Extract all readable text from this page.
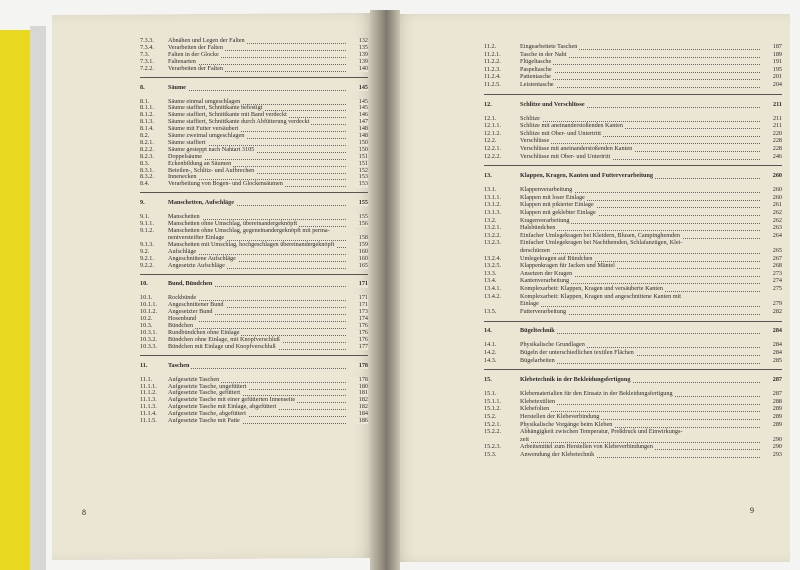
7.3.3. Abnähen und Legen der Falten	132
7.3.4. Verarbeiten der Falten	135
7.3.	Falten in der Glocke	139
7.3.1. Faltenarten	139
7.2.2. Verarbeiten der Falten	140
8.	Säume	145
8.1.	Säume einmal umgeschlagen	145
8.1.1. Säume staffiert, Schnittkante befestigt	145
8.1.2. Säume staffiert, Schnittkante mit Band verdeckt	146
8.1.3. Säume staffiert, Schnittkante durch Abfütterung verdeckt	147
8.1.4. Säume mit Futter versäubert	148
8.2.	Säume zweimal umgeschlagen	148
8.2.1. Säume staffiert	150
8.2.2. Säume gesteppt nach Nahtart 3105	150
8.2.3. Doppelsäume	151
8.3.	Eckenbildung an Säumen	151
8.3.1. Beteilen-, Schlitz- und Aufbrechen	152
8.3.2. Innenecken	153
8.4.	Verarbeitung von Bogen- und Glockensäumen	153
9.	Manschetten, Aufschläge	155
9.1.	Manschetten	155
9.1.1. Manschetten ohne Umschlag, übereinandergeknöpft	156
9.1.2. Manschetten ohne Umschlag, gegeneinandergeknöpft mit perma-
nentversteifter Einlage	158
9.1.3. Manschetten mit Umschlag, hochgeschlagen übereinandergeknöpft	159
9.2.	Aufschläge	160
9.2.1. Angeschnittene Aufschläge	160
9.2.2. Angesetzte Aufschläge	165
10.	Bund, Bündchen	171
10.1.	Rockbünde	171
10.1.1. Angeschnittener Bund	171
10.1.2. Angesetzter Bund	173
10.2.	Hosenbund	174
10.3.	Bündchen	176
10.3.1. Rundbündchen ohne Einlage	176
10.3.2. Bündchen ohne Einlage, mit Knopfverschluß	176
10.3.3. Bündchen mit Einlage und Knopfverschluß	177
11.	Taschen	178
11.1.	Aufgesetzte Taschen	178
11.1.1. Aufgesetzte Tasche, ungefüttert	180
11.1.2. Aufgesetzte Tasche, gefüttert	181
11.1.3. Aufgesetzte Tasche mit einer gefütterten Innenseite	182
11.1.3. Aufgesetzte Tasche mit Einlage, abgefüttert	182
11.1.4. Aufgesetzte Tasche, abgefüttert	184
11.1.5. Aufgesetzte Tasche mit Patte	186
11.2.	Eingearbeitete Taschen	187
11.2.1.	Tasche in der Naht	189
11.2.2.	Flügeltasche	191
11.2.3.	Paspeltasche	195
11.2.4.	Pattentasche	201
11.2.5.	Leistentasche	204
12.	Schlitze und Verschlüsse	211
12.1.	Schlitze	211
12.1.1.	Schlitze mit aneinanderstoßenden Kanten	211
12.1.2.	Schlitze mit Ober- und Untertritt	220
12.2.	Verschlüsse	228
12.2.1.	Verschlüsse mit aneinanderstoßenden Kanten	228
12.2.2.	Verschlüsse mit Ober- und Untertritt	246
13.	Klappen, Kragen, Kanten und Futterverarbeitung	260
13.1.	Klappenverarbeitung	260
13.1.1.	Klappen mit loser Einlage	260
13.1.2.	Klappen mit pikierter Einlage	261
13.1.3.	Klappen mit geklebter Einlage	262
13.2.	Kragenverarbeitung	262
13.2.1.	Halsbündchen	263
13.2.2.	Einfacher Umlegekragen bei Kleidern, Blusen, Campinghemden	264
13.2.3.	Einfacher Umlegekragen bei Nachthemden, Schlafanzügen, Klei-
derschürzen	265
13.2.4.	Umlegekragen auf Bündchen	267
13.2.5.	Klappenkragen für Jacken und Mäntel	268
13.3.	Ansetzen der Kragen	273
13.4.	Kantenverarbeitung	274
13.4.1.	Komplexarbeit: Klappen, Kragen und versäuberte Kanten	275
13.4.2.	Komplexarbeit: Klappen, Kragen und angeschnittene Kanten mit
Einlage	279
13.5.	Futterverarbeitung	282
14.	Bügeltechnik	284
14.1.	Physikalische Grundlagen	284
14.2.	Bügeln der unterschiedlichen textilen Flächen	284
14.3.	Bügelarbeiten	285
15.	Klebetechnik in der Bekleidungsfertigung	287
15.1.	Klebematerialien für den Einsatz in der Bekleidungsfertigung	287
15.1.1.	Klebetextilien	288
15.1.2.	Klebefolien	289
15.2.	Herstellen der Klebeverbindung	289
15.2.1.	Physikalische Vorgänge beim Kleben	289
15.2.2.	Abhängigkeit zwischen Temperatur, Preßdruck und Einwirkungs-
zeit	290
15.2.3.	Arbeitsmittel zum Herstellen von Klebeverbindungen	290
15.3.	Anwendung der Klebetechnik	293
8	9
